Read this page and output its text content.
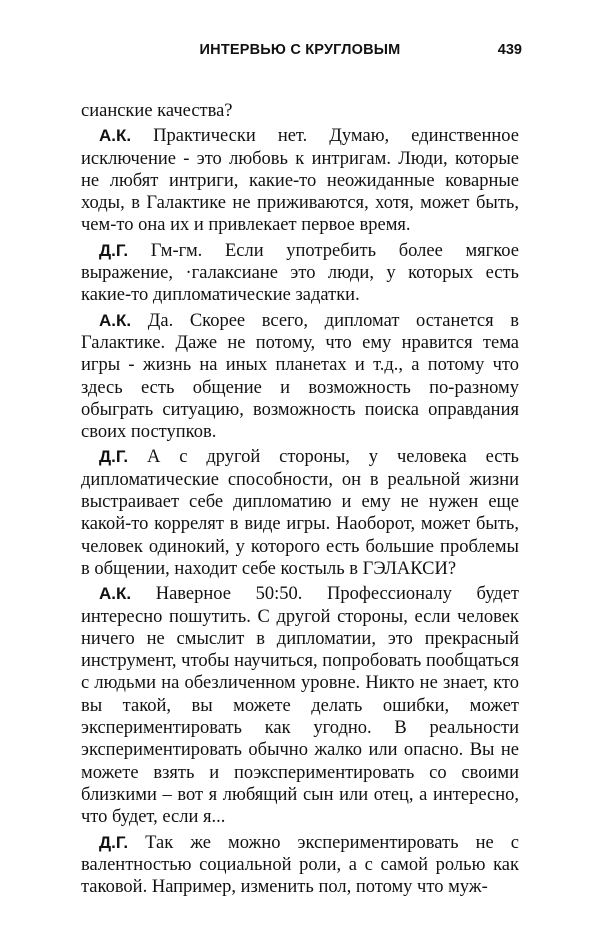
ИНТЕРВЬЮ С КРУГЛОВЫМ	439

сианские качества?

А.К. Практически нет. Думаю, единственное исключение - это любовь к интригам. Люди, которые не любят интриги, какие-то неожиданные коварные ходы, в Галактике не приживаются, хотя, может быть, чем-то она их и привлекает первое время.

Д.Г. Гм-гм. Если употребить более мягкое выражение, ·галаксиане это люди, у которых есть какие-то дипломатические задатки.

А.К. Да. Скорее всего, дипломат останется в Галактике. Даже не потому, что ему нравится тема игры - жизнь на иных планетах и т.д., а потому что здесь есть общение и возможность по-разному обыграть ситуацию, возможность поиска оправдания своих поступков.

Д.Г. А с другой стороны, у человека есть дипломатические способности, он в реальной жизни выстраивает себе дипломатию и ему не нужен еще какой-то коррелят в виде игры. Наоборот, может быть, человек одинокий, у которого есть большие проблемы в общении, находит себе костыль в ГЭЛАКСИ?

А.К. Наверное 50:50. Профессионалу будет интересно пошутить. С другой стороны, если человек ничего не смыслит в дипломатии, это прекрасный инструмент, чтобы научиться, попробовать пообщаться с людьми на обезличенном уровне. Никто не знает, кто вы такой, вы можете делать ошибки, может экспериментировать как угодно. В реальности экспериментировать обычно жалко или опасно. Вы не можете взять и поэкспериментировать со своими близкими – вот я любящий сын или отец, а интересно, что будет, если я...

Д.Г. Так же можно экспериментировать не с валентностью социальной роли, а с самой ролью как таковой. Например, изменить пол, потому что муж-
